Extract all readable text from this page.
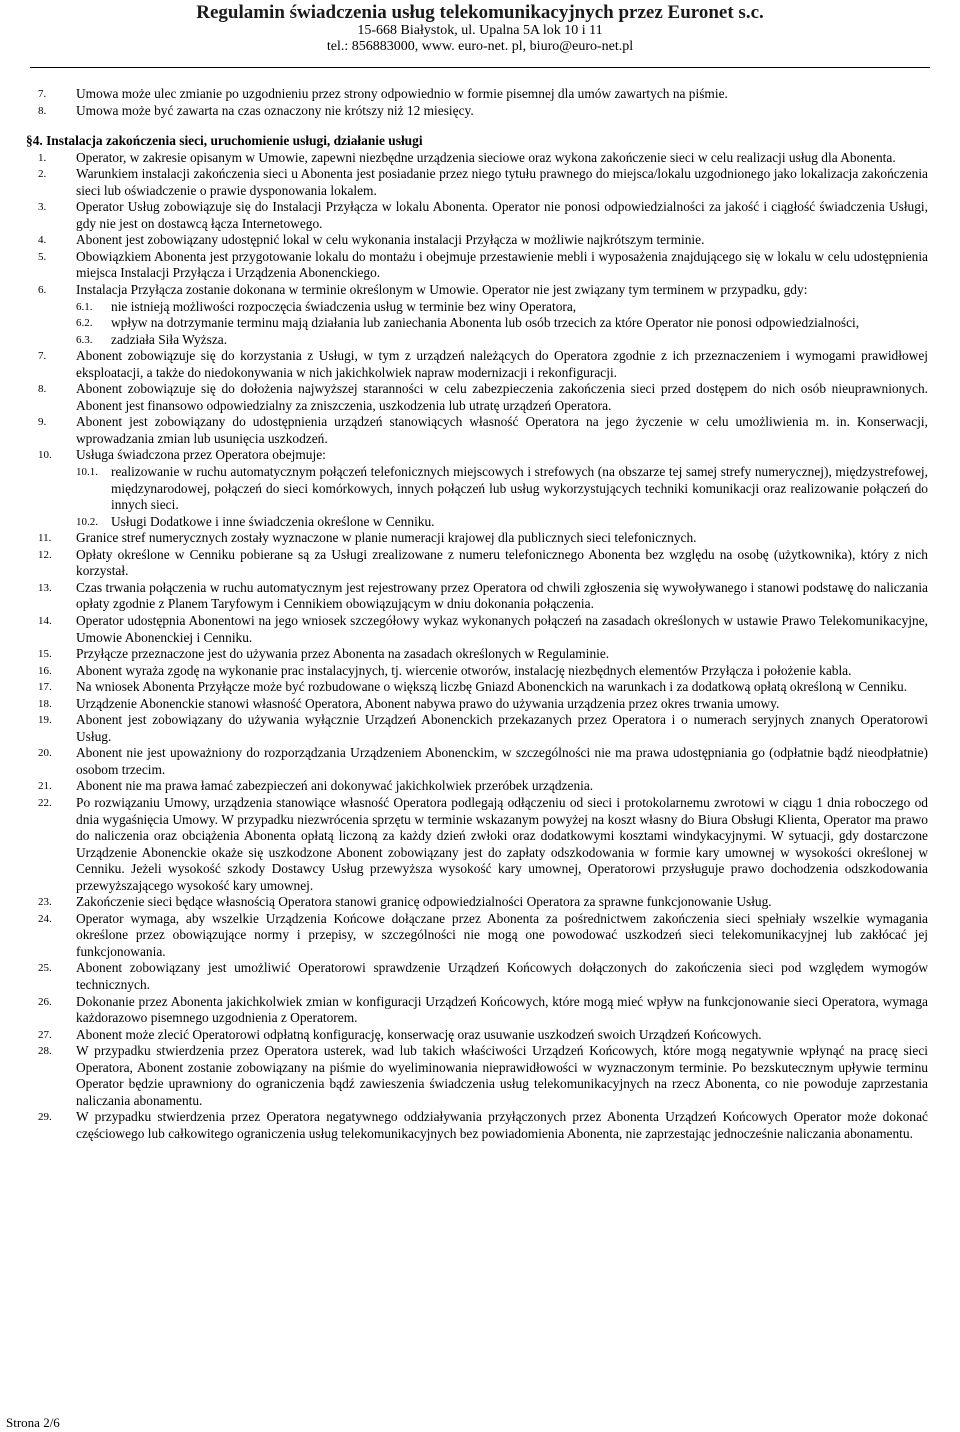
Regulamin świadczenia usług telekomunikacyjnych przez Euronet s.c.
15-668 Białystok, ul. Upalna 5A lok 10 i 11
tel.: 856883000, www. euro-net. pl, biuro@euro-net.pl
7. Umowa może ulec zmianie po uzgodnieniu przez strony odpowiednio w formie pisemnej dla umów zawartych na piśmie.
8. Umowa może być zawarta na czas oznaczony nie krótszy niż 12 miesięcy.
§4. Instalacja zakończenia sieci, uruchomienie usługi, działanie usługi
1. Operator, w zakresie opisanym w Umowie, zapewni niezbędne urządzenia sieciowe oraz wykona zakończenie sieci w celu realizacji usług dla Abonenta.
2. Warunkiem instalacji zakończenia sieci u Abonenta jest posiadanie przez niego tytułu prawnego do miejsca/lokalu uzgodnionego jako lokalizacja zakończenia sieci lub oświadczenie o prawie dysponowania lokalem.
3. Operator Usług zobowiązuje się do Instalacji Przyłącza w lokalu Abonenta. Operator nie ponosi odpowiedzialności za jakość i ciągłość świadczenia Usługi, gdy nie jest on dostawcą łącza Internetowego.
4. Abonent jest zobowiązany udostępnić lokal w celu wykonania instalacji Przyłącza w możliwie najkrótszym terminie.
5. Obowiązkiem Abonenta jest przygotowanie lokalu do montażu i obejmuje przestawienie mebli i wyposażenia znajdującego się w lokalu w celu udostępnienia miejsca Instalacji Przyłącza i Urządzenia Abonenckiego.
6. Instalacja Przyłącza zostanie dokonana w terminie określonym w Umowie. Operator nie jest związany tym terminem w przypadku, gdy:
6.1. nie istnieją możliwości rozpoczęcia świadczenia usług w terminie bez winy Operatora,
6.2. wpływ na dotrzymanie terminu mają działania lub zaniechania Abonenta lub osób trzecich za które Operator nie ponosi odpowiedzialności,
6.3. zadziała Siła Wyższa.
7. Abonent zobowiązuje się do korzystania z Usługi, w tym z urządzeń należących do Operatora zgodnie z ich przeznaczeniem i wymogami prawidłowej eksploatacji, a także do niedokonywania w nich jakichkolwiek napraw modernizacji i rekonfiguracji.
8. Abonent zobowiązuje się do dołożenia najwyższej staranności w celu zabezpieczenia zakończenia sieci przed dostępem do nich osób nieuprawnionych. Abonent jest finansowo odpowiedzialny za zniszczenia, uszkodzenia lub utratę urządzeń Operatora.
9. Abonent jest zobowiązany do udostępnienia urządzeń stanowiących własność Operatora na jego życzenie w celu umożliwienia m. in. Konserwacji, wprowadzania zmian lub usunięcia uszkodzeń.
10. Usługa świadczona przez Operatora obejmuje:
10.1. realizowanie w ruchu automatycznym połączeń telefonicznych miejscowych i strefowych (na obszarze tej samej strefy numerycznej), międzystrefowej, międzynarodowej, połączeń do sieci komórkowych, innych połączeń lub usług wykorzystujących techniki komunikacji oraz realizowanie połączeń do innych sieci.
10.2. Usługi Dodatkowe i inne świadczenia określone w Cenniku.
11. Granice stref numerycznych zostały wyznaczone w planie numeracji krajowej dla publicznych sieci telefonicznych.
12. Opłaty określone w Cenniku pobierane są za Usługi zrealizowane z numeru telefonicznego Abonenta bez względu na osobę (użytkownika), który z nich korzystał.
13. Czas trwania połączenia w ruchu automatycznym jest rejestrowany przez Operatora od chwili zgłoszenia się wywoływanego i stanowi podstawę do naliczania opłaty zgodnie z Planem Taryfowym i Cennikiem obowiązującym w dniu dokonania połączenia.
14. Operator udostępnia Abonentowi na jego wniosek szczegółowy wykaz wykonanych połączeń na zasadach określonych w ustawie Prawo Telekomunikacyjne, Umowie Abonenckiej i Cenniku.
15. Przyłącze przeznaczone jest do używania przez Abonenta na zasadach określonych w Regulaminie.
16. Abonent wyraża zgodę na wykonanie prac instalacyjnych, tj. wiercenie otworów, instalację niezbędnych elementów Przyłącza i położenie kabla.
17. Na wniosek Abonenta Przyłącze może być rozbudowane o większą liczbę Gniazd Abonenckich na warunkach i za dodatkową opłatą określoną w Cenniku.
18. Urządzenie Abonenckie stanowi własność Operatora, Abonent nabywa prawo do używania urządzenia przez okres trwania umowy.
19. Abonent jest zobowiązany do używania wyłącznie Urządzeń Abonenckich przekazanych przez Operatora i o numerach seryjnych znanych Operatorowi Usług.
20. Abonent nie jest upoważniony do rozporządzania Urządzeniem Abonenckim, w szczególności nie ma prawa udostępniania go (odpłatnie bądź nieodpłatnie) osobom trzecim.
21. Abonent nie ma prawa łamać zabezpieczeń ani dokonywać jakichkolwiek przeróbek urządzenia.
22. Po rozwiązaniu Umowy, urządzenia stanowiące własność Operatora podlegają odłączeniu od sieci i protokolarnemu zwrotowi w ciągu 1 dnia roboczego od dnia wygaśnięcia Umowy. W przypadku niezwrócenia sprzętu w terminie wskazanym powyżej na koszt własny do Biura Obsługi Klienta, Operator ma prawo do naliczenia oraz obciążenia Abonenta opłatą liczoną za każdy dzień zwłoki oraz dodatkowymi kosztami windykacyjnymi. W sytuacji, gdy dostarczone Urządzenie Abonenckie okaże się uszkodzone Abonent zobowiązany jest do zapłaty odszkodowania w formie kary umownej w wysokości określonej w Cenniku. Jeżeli wysokość szkody Dostawcy Usług przewyższa wysokość kary umownej, Operatorowi przysługuje prawo dochodzenia odszkodowania przewyższającego wysokość kary umownej.
23. Zakończenie sieci będące własnością Operatora stanowi granicę odpowiedzialności Operatora za sprawne funkcjonowanie Usług.
24. Operator wymaga, aby wszelkie Urządzenia Końcowe dołączane przez Abonenta za pośrednictwem zakończenia sieci spełniały wszelkie wymagania określone przez obowiązujące normy i przepisy, w szczególności nie mogą one powodować uszkodzeń sieci telekomunikacyjnej lub zakłócać jej funkcjonowania.
25. Abonent zobowiązany jest umożliwić Operatorowi sprawdzenie Urządzeń Końcowych dołączonych do zakończenia sieci pod względem wymogów technicznych.
26. Dokonanie przez Abonenta jakichkolwiek zmian w konfiguracji Urządzeń Końcowych, które mogą mieć wpływ na funkcjonowanie sieci Operatora, wymaga każdorazowo pisemnego uzgodnienia z Operatorem.
27. Abonent może zlecić Operatorowi odpłatną konfigurację, konserwację oraz usuwanie uszkodzeń swoich Urządzeń Końcowych.
28. W przypadku stwierdzenia przez Operatora usterek, wad lub takich właściwości Urządzeń Końcowych, które mogą negatywnie wpłynąć na pracę sieci Operatora, Abonent zostanie zobowiązany na piśmie do wyeliminowania nieprawidłowości w wyznaczonym terminie. Po bezskutecznym upływie terminu Operator będzie uprawniony do ograniczenia bądź zawieszenia świadczenia usług telekomunikacyjnych na rzecz Abonenta, co nie powoduje zaprzestania naliczania abonamentu.
29. W przypadku stwierdzenia przez Operatora negatywnego oddziaływania przyłączonych przez Abonenta Urządzeń Końcowych Operator może dokonać częściowego lub całkowitego ograniczenia usług telekomunikacyjnych bez powiadomienia Abonenta, nie zaprzestając jednocześnie naliczania abonamentu.
Strona 2/6
